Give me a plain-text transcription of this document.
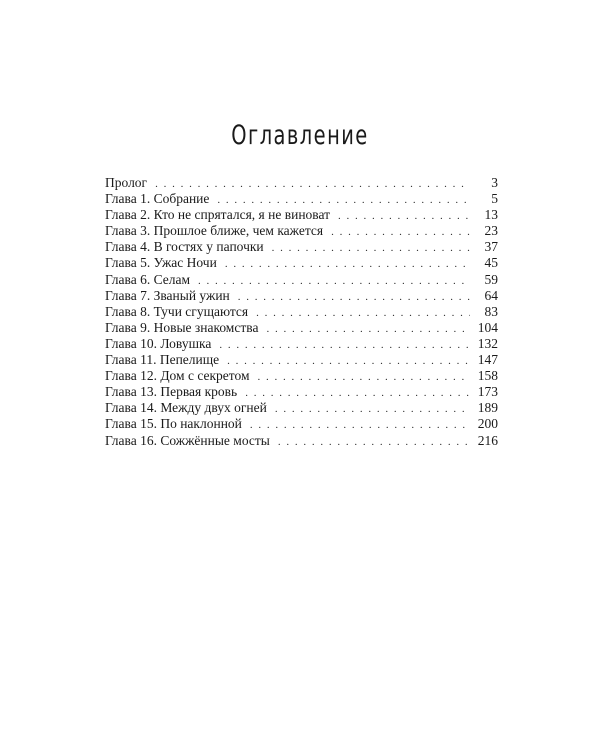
Оглавление
Пролог . . .	3
Глава 1. Собрание . . .	5
Глава 2. Кто не спрятался, я не виноват . . .	13
Глава 3. Прошлое ближе, чем кажется . . .	23
Глава 4. В гостях у папочки . . .	37
Глава 5. Ужас Ночи . . .	45
Глава 6. Селам . . .	59
Глава 7. Званый ужин . . .	64
Глава 8. Тучи сгущаются . . .	83
Глава 9. Новые знакомства . . .	104
Глава 10. Ловушка . . .	132
Глава 11. Пепелище . . .	147
Глава 12. Дом с секретом . . .	158
Глава 13. Первая кровь . . .	173
Глава 14. Между двух огней . . .	189
Глава 15. По наклонной . . .	200
Глава 16. Сожжённые мосты . . .	216
